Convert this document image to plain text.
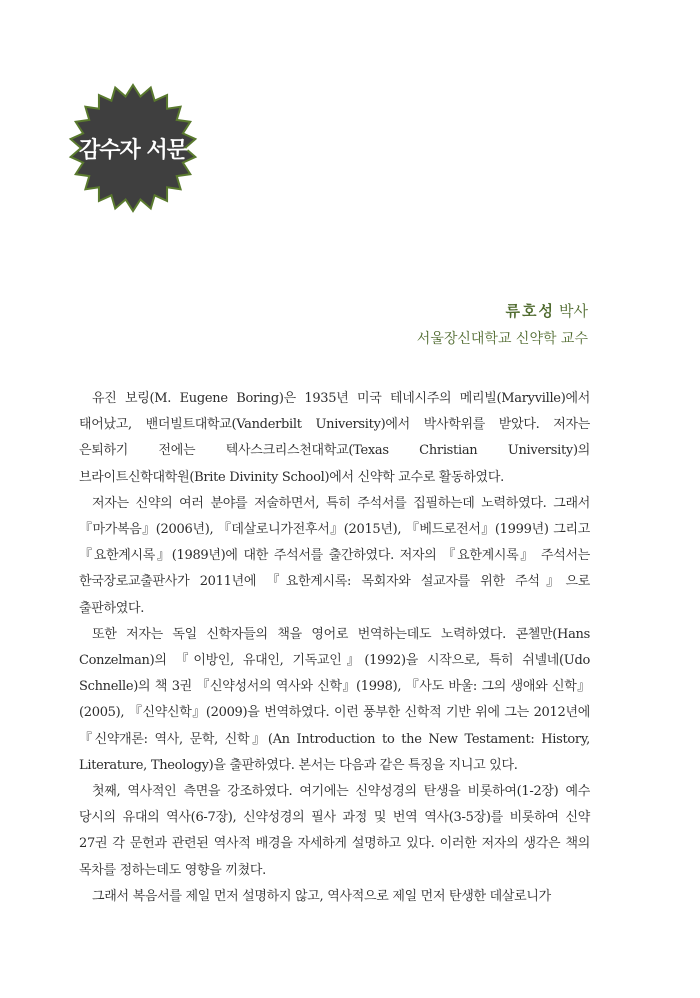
감수자 서문
류호성 박사
서울장신대학교 신약학 교수

유진 보링(M. Eugene Boring)은 1935년 미국 테네시주의 메리빌(Maryville)에서 태어났고, 밴더빌트대학교(Vanderbilt University)에서 박사학위를 받았다. 저자는 은퇴하기 전에는 텍사스크리스천대학교(Texas Christian University)의 브라이트신학대학원(Brite Divinity School)에서 신약학 교수로 활동하였다.

저자는 신약의 여러 분야를 저술하면서, 특히 주석서를 집필하는데 노력하였다. 그래서 『마가복음』(2006년), 『데살로니가전후서』(2015년), 『베드로전서』(1999년) 그리고 『요한계시록』(1989년)에 대한 주석서를 출간하였다. 저자의 『요한계시록』 주석서는 한국장로교출판사가 2011년에 『요한계시록: 목회자와 설교자를 위한 주석』으로 출판하였다.

또한 저자는 독일 신학자들의 책을 영어로 번역하는데도 노력하였다. 콘첼만(Hans Conzelman)의 『이방인, 유대인, 기독교인』(1992)을 시작으로, 특히 쉬넬네(Udo Schnelle)의 책 3권 『신약성서의 역사와 신학』(1998), 『사도 바울: 그의 생애와 신학』(2005), 『신약신학』(2009)을 번역하였다. 이런 풍부한 신학적 기반 위에 그는 2012년에 『신약개론: 역사, 문학, 신학』(An Introduction to the New Testament: History, Literature, Theology)을 출판하였다. 본서는 다음과 같은 특징을 지니고 있다.

첫째, 역사적인 측면을 강조하였다. 여기에는 신약성경의 탄생을 비롯하여(1-2장) 예수 당시의 유대의 역사(6-7장), 신약성경의 필사 과정 및 번역 역사(3-5장)를 비롯하여 신약 27권 각 문헌과 관련된 역사적 배경을 자세하게 설명하고 있다. 이러한 저자의 생각은 책의 목차를 정하는데도 영향을 끼쳤다.

그래서 복음서를 제일 먼저 설명하지 않고, 역사적으로 제일 먼저 탄생한 데살로니가
